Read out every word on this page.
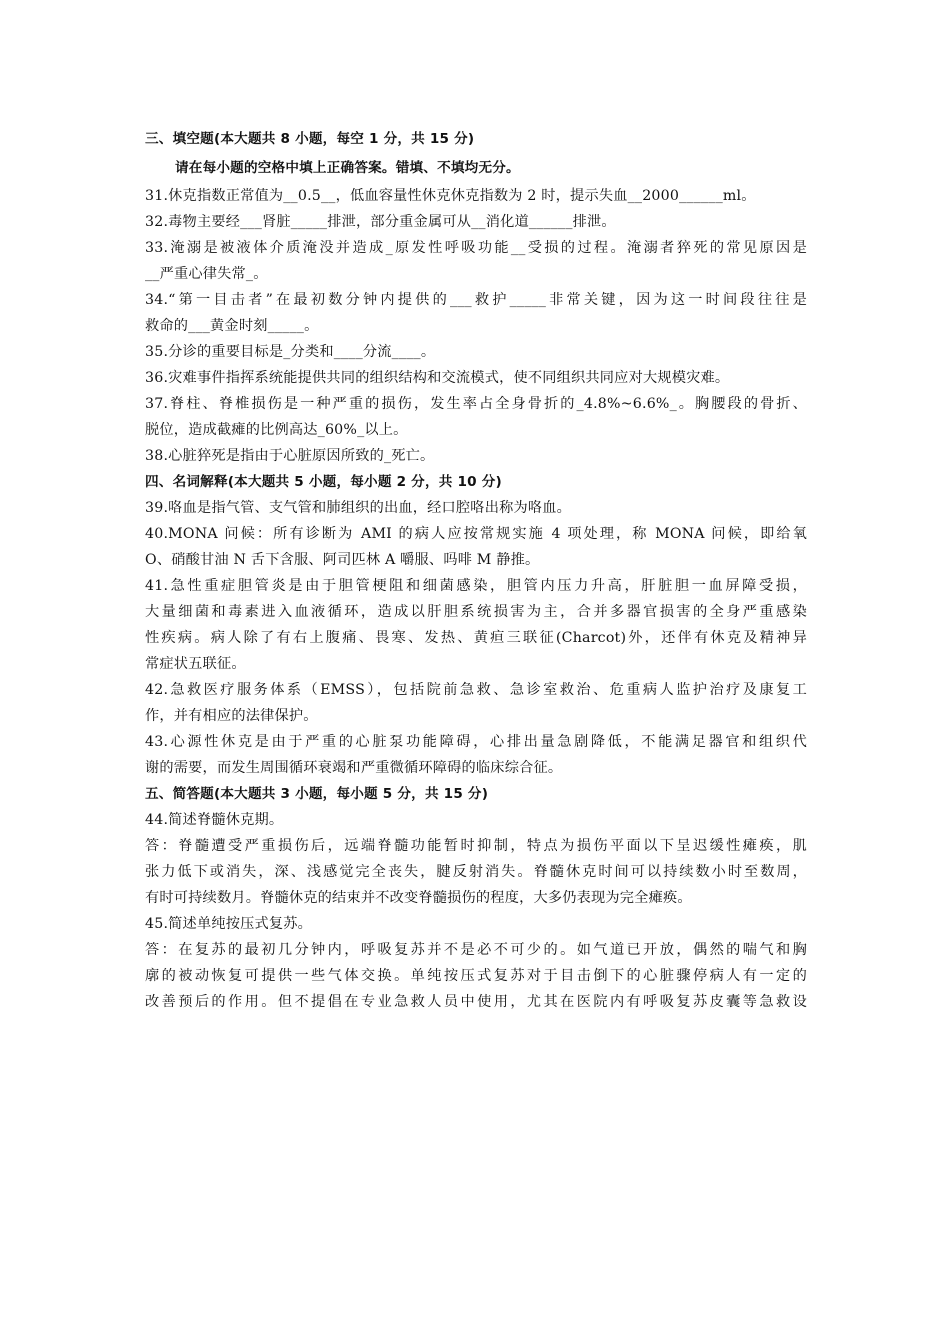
三、填空题(本大题共 8 小题，每空 1 分，共 15 分)
请在每小题的空格中填上正确答案。错填、不填均无分。
31.休克指数正常值为__0.5__，低血容量性休克休克指数为 2 时，提示失血__2000______ml。
32.毒物主要经___肾脏_____排泄，部分重金属可从__消化道______排泄。
33.淹溺是被液体介质淹没并造成_原发性呼吸功能__受损的过程。淹溺者猝死的常见原因是
__严重心律失常_。
34.“第一目击者”在最初数分钟内提供的___救护_____非常关键，因为这一时间段往往是
救命的___黄金时刻_____。
35.分诊的重要目标是_分类和____分流____。
36.灾难事件指挥系统能提供共同的组织结构和交流模式，使不同组织共同应对大规模灾难。
37.脊柱、脊椎损伤是一种严重的损伤，发生率占全身骨折的_4.8%~6.6%_。胸腰段的骨折、
脱位，造成截瘫的比例高达_60%_以上。
38.心脏猝死是指由于心脏原因所致的_死亡。
四、名词解释(本大题共 5 小题，每小题 2 分，共 10 分)
39.咯血是指气管、支气管和肺组织的出血，经口腔咯出称为咯血。
40.MONA 问候：所有诊断为 AMI 的病人应按常规实施 4 项处理，称 MONA 问候，即给氧
O、硝酸甘油 N 舌下含服、阿司匹林 A 嚼服、吗啡 M 静推。
41.急性重症胆管炎是由于胆管梗阻和细菌感染，胆管内压力升高，肝脏胆一血屏障受损，
大量细菌和毒素进入血液循环，造成以肝胆系统损害为主，合并多器官损害的全身严重感染
性疾病。病人除了有右上腹痛、畏寒、发热、黄疸三联征(Charcot)外，还伴有休克及精神异
常症状五联征。
42.急救医疗服务体系（EMSS），包括院前急救、急诊室救治、危重病人监护治疗及康复工
作，并有相应的法律保护。
43.心源性休克是由于严重的心脏泵功能障碍，心排出量急剧降低，不能满足器官和组织代
谢的需要，而发生周围循环衰竭和严重微循环障碍的临床综合征。
五、简答题(本大题共 3 小题，每小题 5 分，共 15 分)
44.简述脊髓休克期。
答：脊髓遭受严重损伤后，远端脊髓功能暂时抑制，特点为损伤平面以下呈迟缓性瘫痪，肌
张力低下或消失，深、浅感觉完全丧失，腱反射消失。脊髓休克时间可以持续数小时至数周，
有时可持续数月。脊髓休克的结束并不改变脊髓损伤的程度，大多仍表现为完全瘫痪。
45.简述单纯按压式复苏。
答：在复苏的最初几分钟内，呼吸复苏并不是必不可少的。如气道已开放，偶然的喘气和胸
廓的被动恢复可提供一些气体交换。单纯按压式复苏对于目击倒下的心脏骤停病人有一定的
改善预后的作用。但不提倡在专业急救人员中使用，尤其在医院内有呼吸复苏皮囊等急救设
